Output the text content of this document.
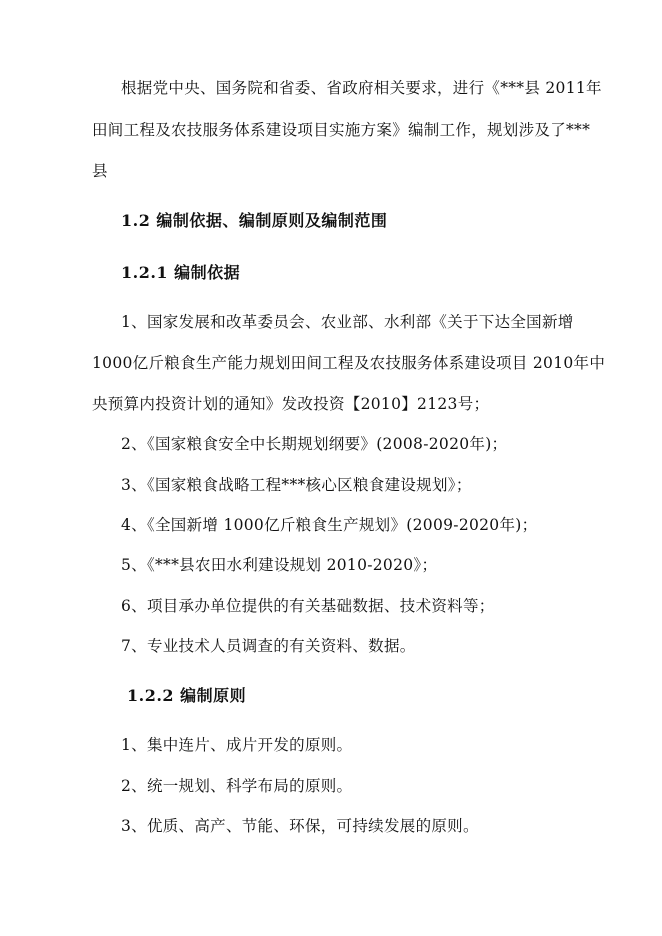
根据党中央、国务院和省委、省政府相关要求，进行《***县 2011年
田间工程及农技服务体系建设项目实施方案》编制工作，规划涉及了***
县
1.2 编制依据、编制原则及编制范围
1.2.1 编制依据
1、国家发展和改革委员会、农业部、水利部《关于下达全国新增
1000亿斤粮食生产能力规划田间工程及农技服务体系建设项目 2010年中
央预算内投资计划的通知》发改投资【2010】2123号；
2、《国家粮食安全中长期规划纲要》(2008-2020年)；
3、《国家粮食战略工程***核心区粮食建设规划》；
4、《全国新增 1000亿斤粮食生产规划》(2009-2020年)；
5、《***县农田水利建设规划 2010-2020》；
6、项目承办单位提供的有关基础数据、技术资料等；
7、专业技术人员调查的有关资料、数据。
1.2.2 编制原则
1、集中连片、成片开发的原则。
2、统一规划、科学布局的原则。
3、优质、高产、节能、环保，可持续发展的原则。
